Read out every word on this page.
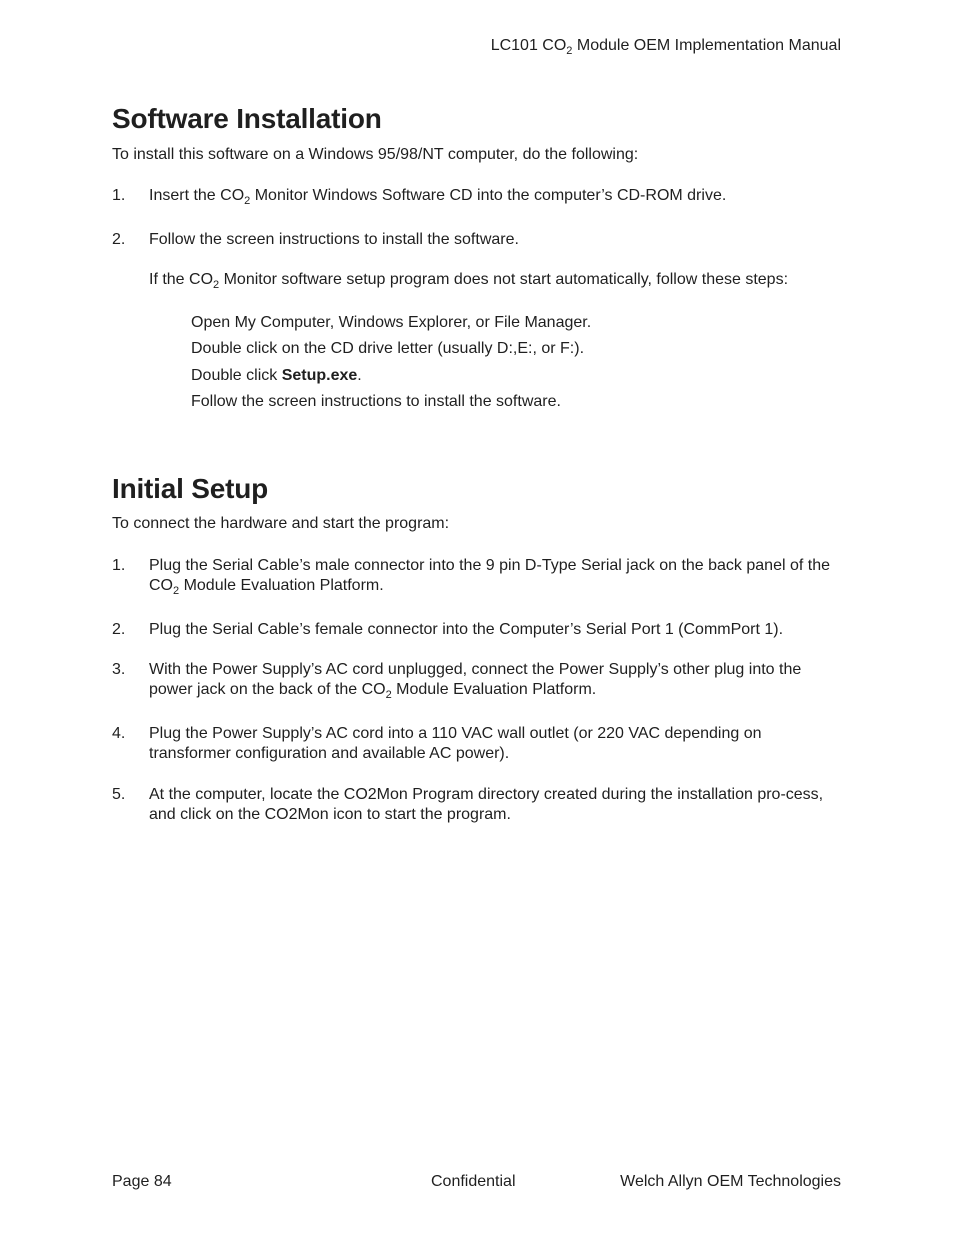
LC101 $CO_2$ Module OEM Implementation Manual
Software Installation
To install this software on a Windows 95/98/NT computer, do the following:
1. Insert the $CO_2$ Monitor Windows Software CD into the computer’s CD-ROM drive.
2. Follow the screen instructions to install the software.
If the $CO_2$ Monitor software setup program does not start automatically, follow these steps:
Open My Computer, Windows Explorer, or File Manager.
Double click on the CD drive letter (usually D:,E:, or F:).
Double click Setup.exe.
Follow the screen instructions to install the software.
Initial Setup
To connect the hardware and start the program:
1. Plug the Serial Cable’s male connector into the 9 pin D-Type Serial jack on the back panel of the $CO_2$ Module Evaluation Platform.
2. Plug the Serial Cable’s female connector into the Computer’s Serial Port 1 (CommPort 1).
3. With the Power Supply’s AC cord unplugged, connect the Power Supply’s other plug into the power jack on the back of the $CO_2$ Module Evaluation Platform.
4. Plug the Power Supply’s AC cord into a 110 VAC wall outlet (or 220 VAC depending on transformer configuration and available AC power).
5. At the computer, locate the CO2Mon Program directory created during the installation pro-cess, and click on the CO2Mon icon to start the program.
Page 84	Confidential	Welch Allyn OEM Technologies
